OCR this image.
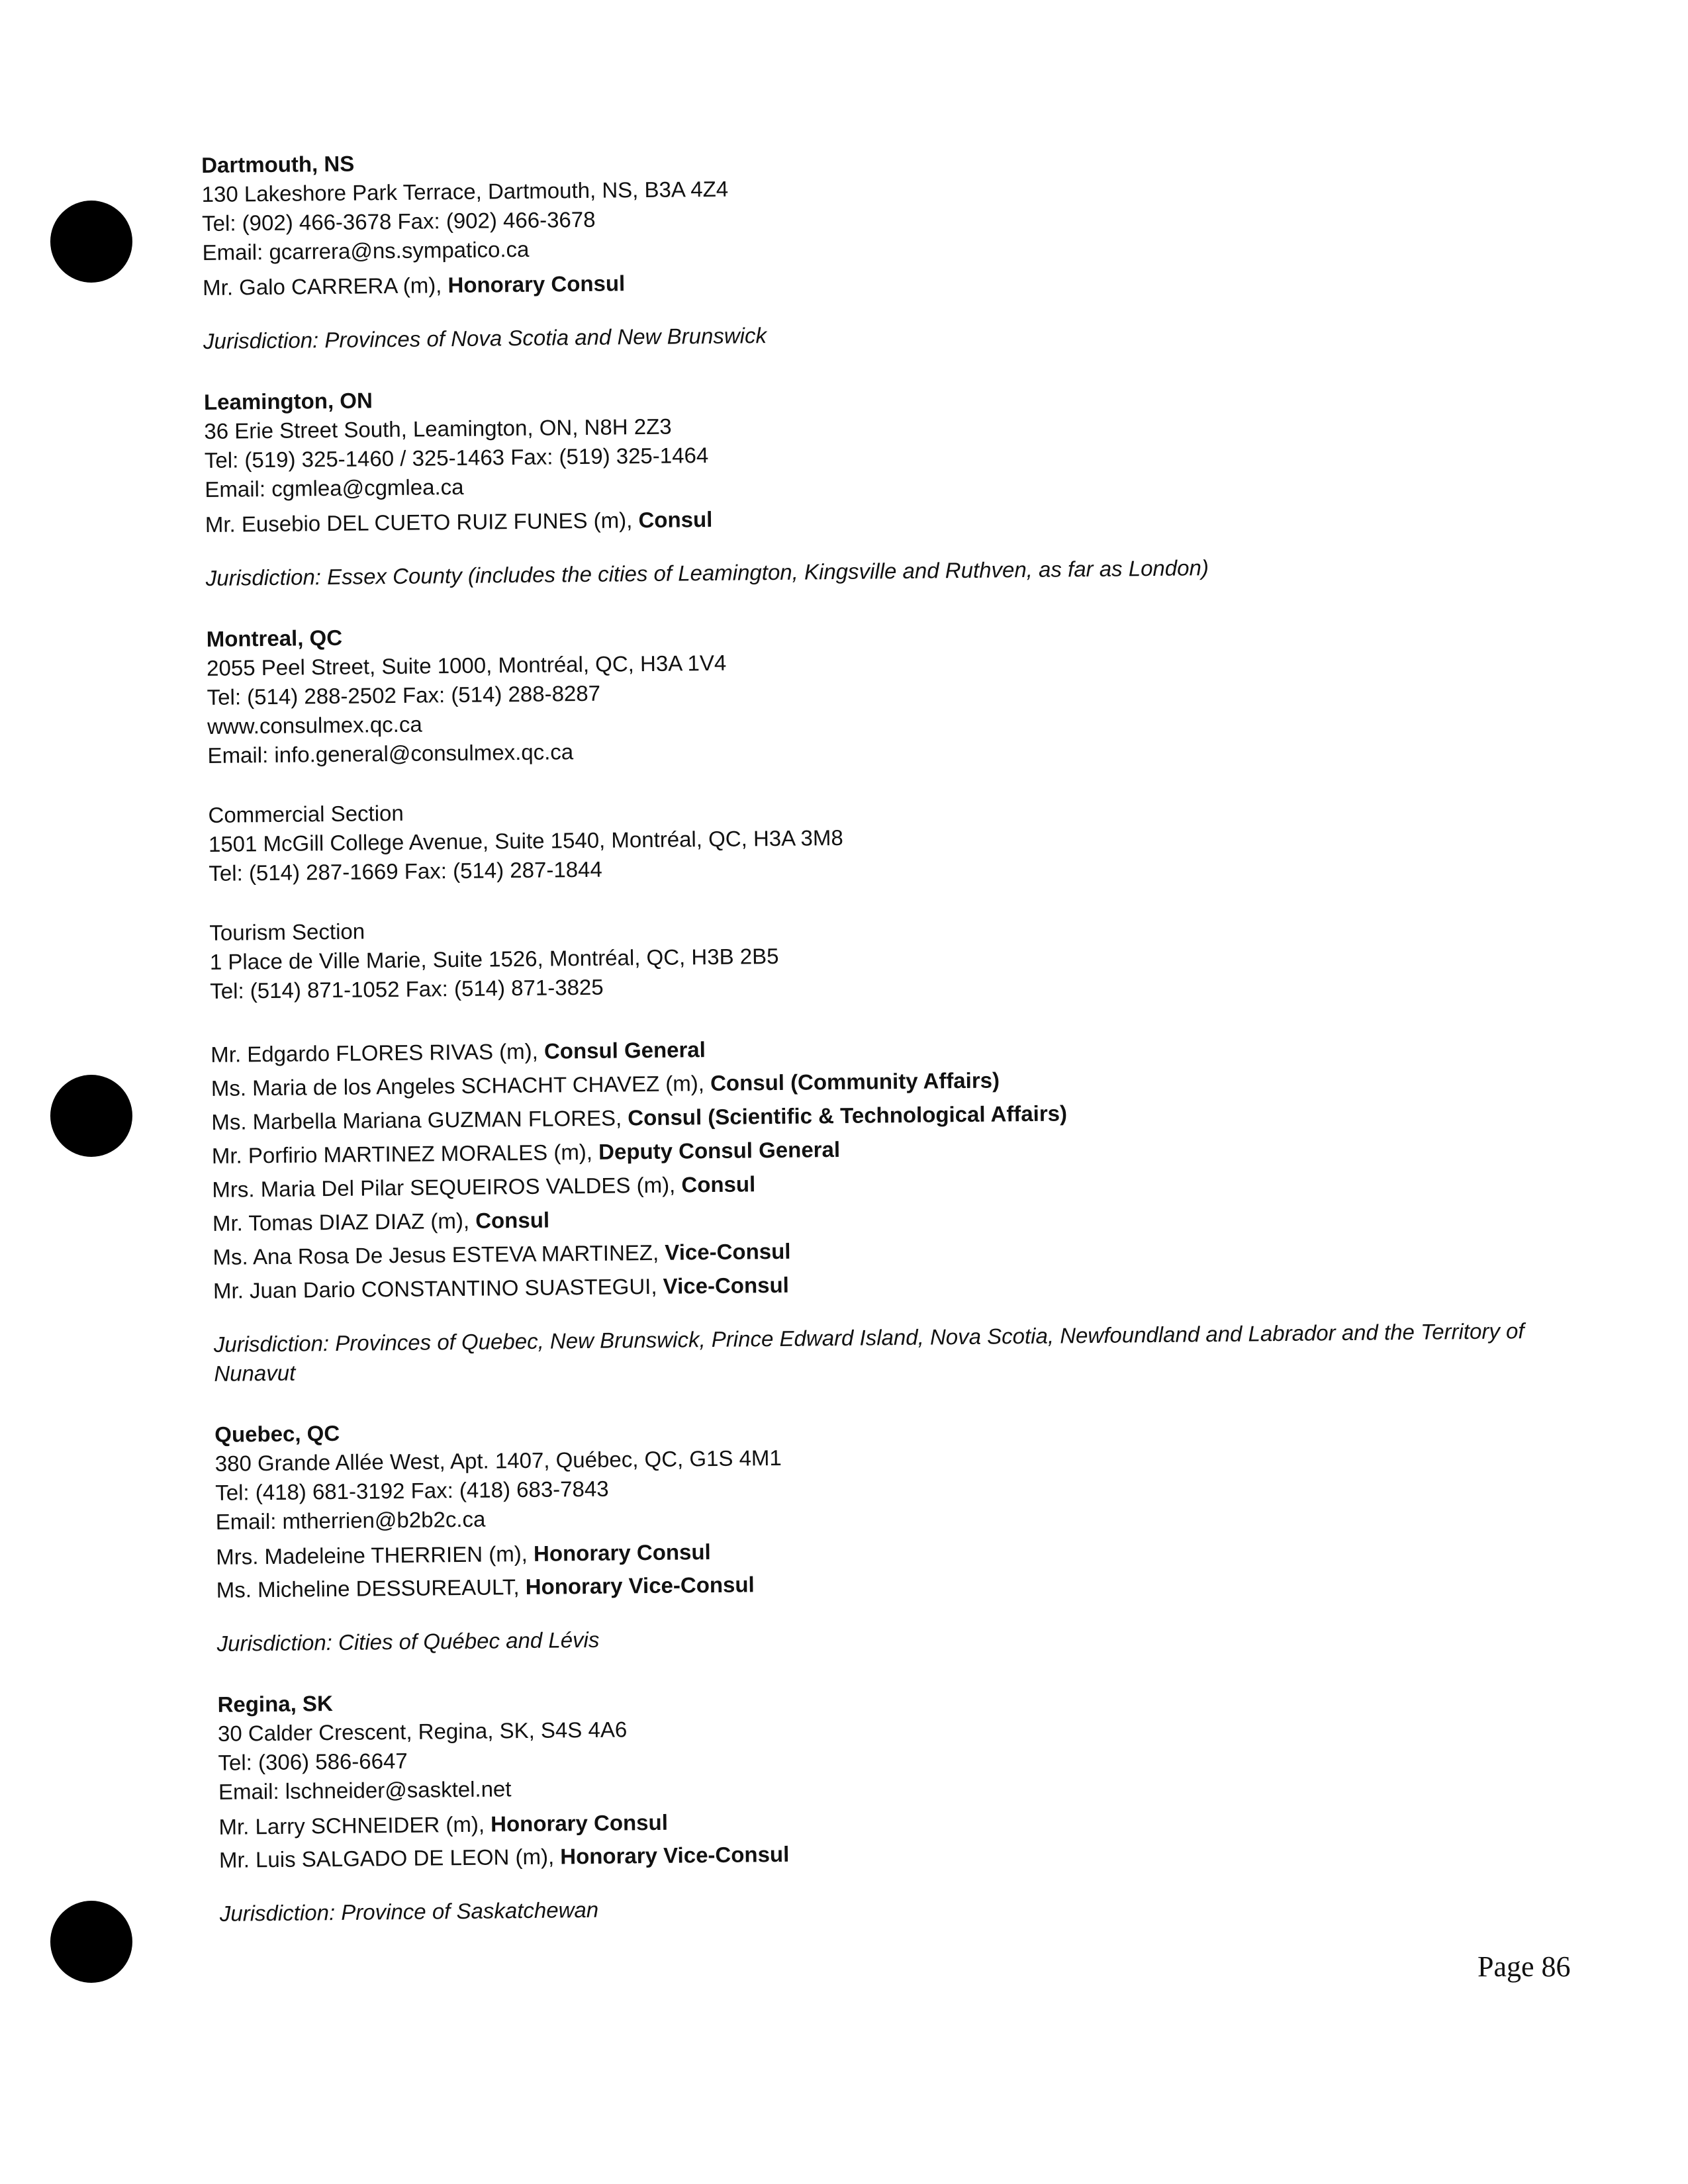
Dartmouth, NS
130 Lakeshore Park Terrace, Dartmouth, NS, B3A 4Z4
Tel: (902) 466-3678 Fax: (902) 466-3678
Email: gcarrera@ns.sympatico.ca
Mr. Galo CARRERA (m), Honorary Consul
Jurisdiction: Provinces of Nova Scotia and New Brunswick
Leamington, ON
36 Erie Street South, Leamington, ON, N8H 2Z3
Tel: (519) 325-1460 / 325-1463 Fax: (519) 325-1464
Email: cgmlea@cgmlea.ca
Mr. Eusebio DEL CUETO RUIZ FUNES (m), Consul
Jurisdiction: Essex County (includes the cities of Leamington, Kingsville and Ruthven, as far as London)
Montreal, QC
2055 Peel Street, Suite 1000, Montréal, QC, H3A 1V4
Tel: (514) 288-2502 Fax: (514) 288-8287
www.consulmex.qc.ca
Email: info.general@consulmex.qc.ca
Commercial Section
1501 McGill College Avenue, Suite 1540, Montréal, QC, H3A 3M8
Tel: (514) 287-1669 Fax: (514) 287-1844
Tourism Section
1 Place de Ville Marie, Suite 1526, Montréal, QC, H3B 2B5
Tel: (514) 871-1052 Fax: (514) 871-3825
Mr. Edgardo FLORES RIVAS (m), Consul General
Ms. Maria de los Angeles SCHACHT CHAVEZ (m), Consul (Community Affairs)
Ms. Marbella Mariana GUZMAN FLORES, Consul (Scientific & Technological Affairs)
Mr. Porfirio MARTINEZ MORALES (m), Deputy Consul General
Mrs. Maria Del Pilar SEQUEIROS VALDES (m), Consul
Mr. Tomas DIAZ DIAZ (m), Consul
Ms. Ana Rosa De Jesus ESTEVA MARTINEZ, Vice-Consul
Mr. Juan Dario CONSTANTINO SUASTEGUI, Vice-Consul
Jurisdiction: Provinces of Quebec, New Brunswick, Prince Edward Island, Nova Scotia, Newfoundland and Labrador and the Territory of Nunavut
Quebec, QC
380 Grande Allée West, Apt. 1407, Québec, QC, G1S 4M1
Tel: (418) 681-3192 Fax: (418) 683-7843
Email: mtherrien@b2b2c.ca
Mrs. Madeleine THERRIEN (m), Honorary Consul
Ms. Micheline DESSUREAULT, Honorary Vice-Consul
Jurisdiction: Cities of Québec and Lévis
Regina, SK
30 Calder Crescent, Regina, SK, S4S 4A6
Tel: (306) 586-6647
Email: lschneider@sasktel.net
Mr. Larry SCHNEIDER (m), Honorary Consul
Mr. Luis SALGADO DE LEON (m), Honorary Vice-Consul
Jurisdiction: Province of Saskatchewan
Page 86
